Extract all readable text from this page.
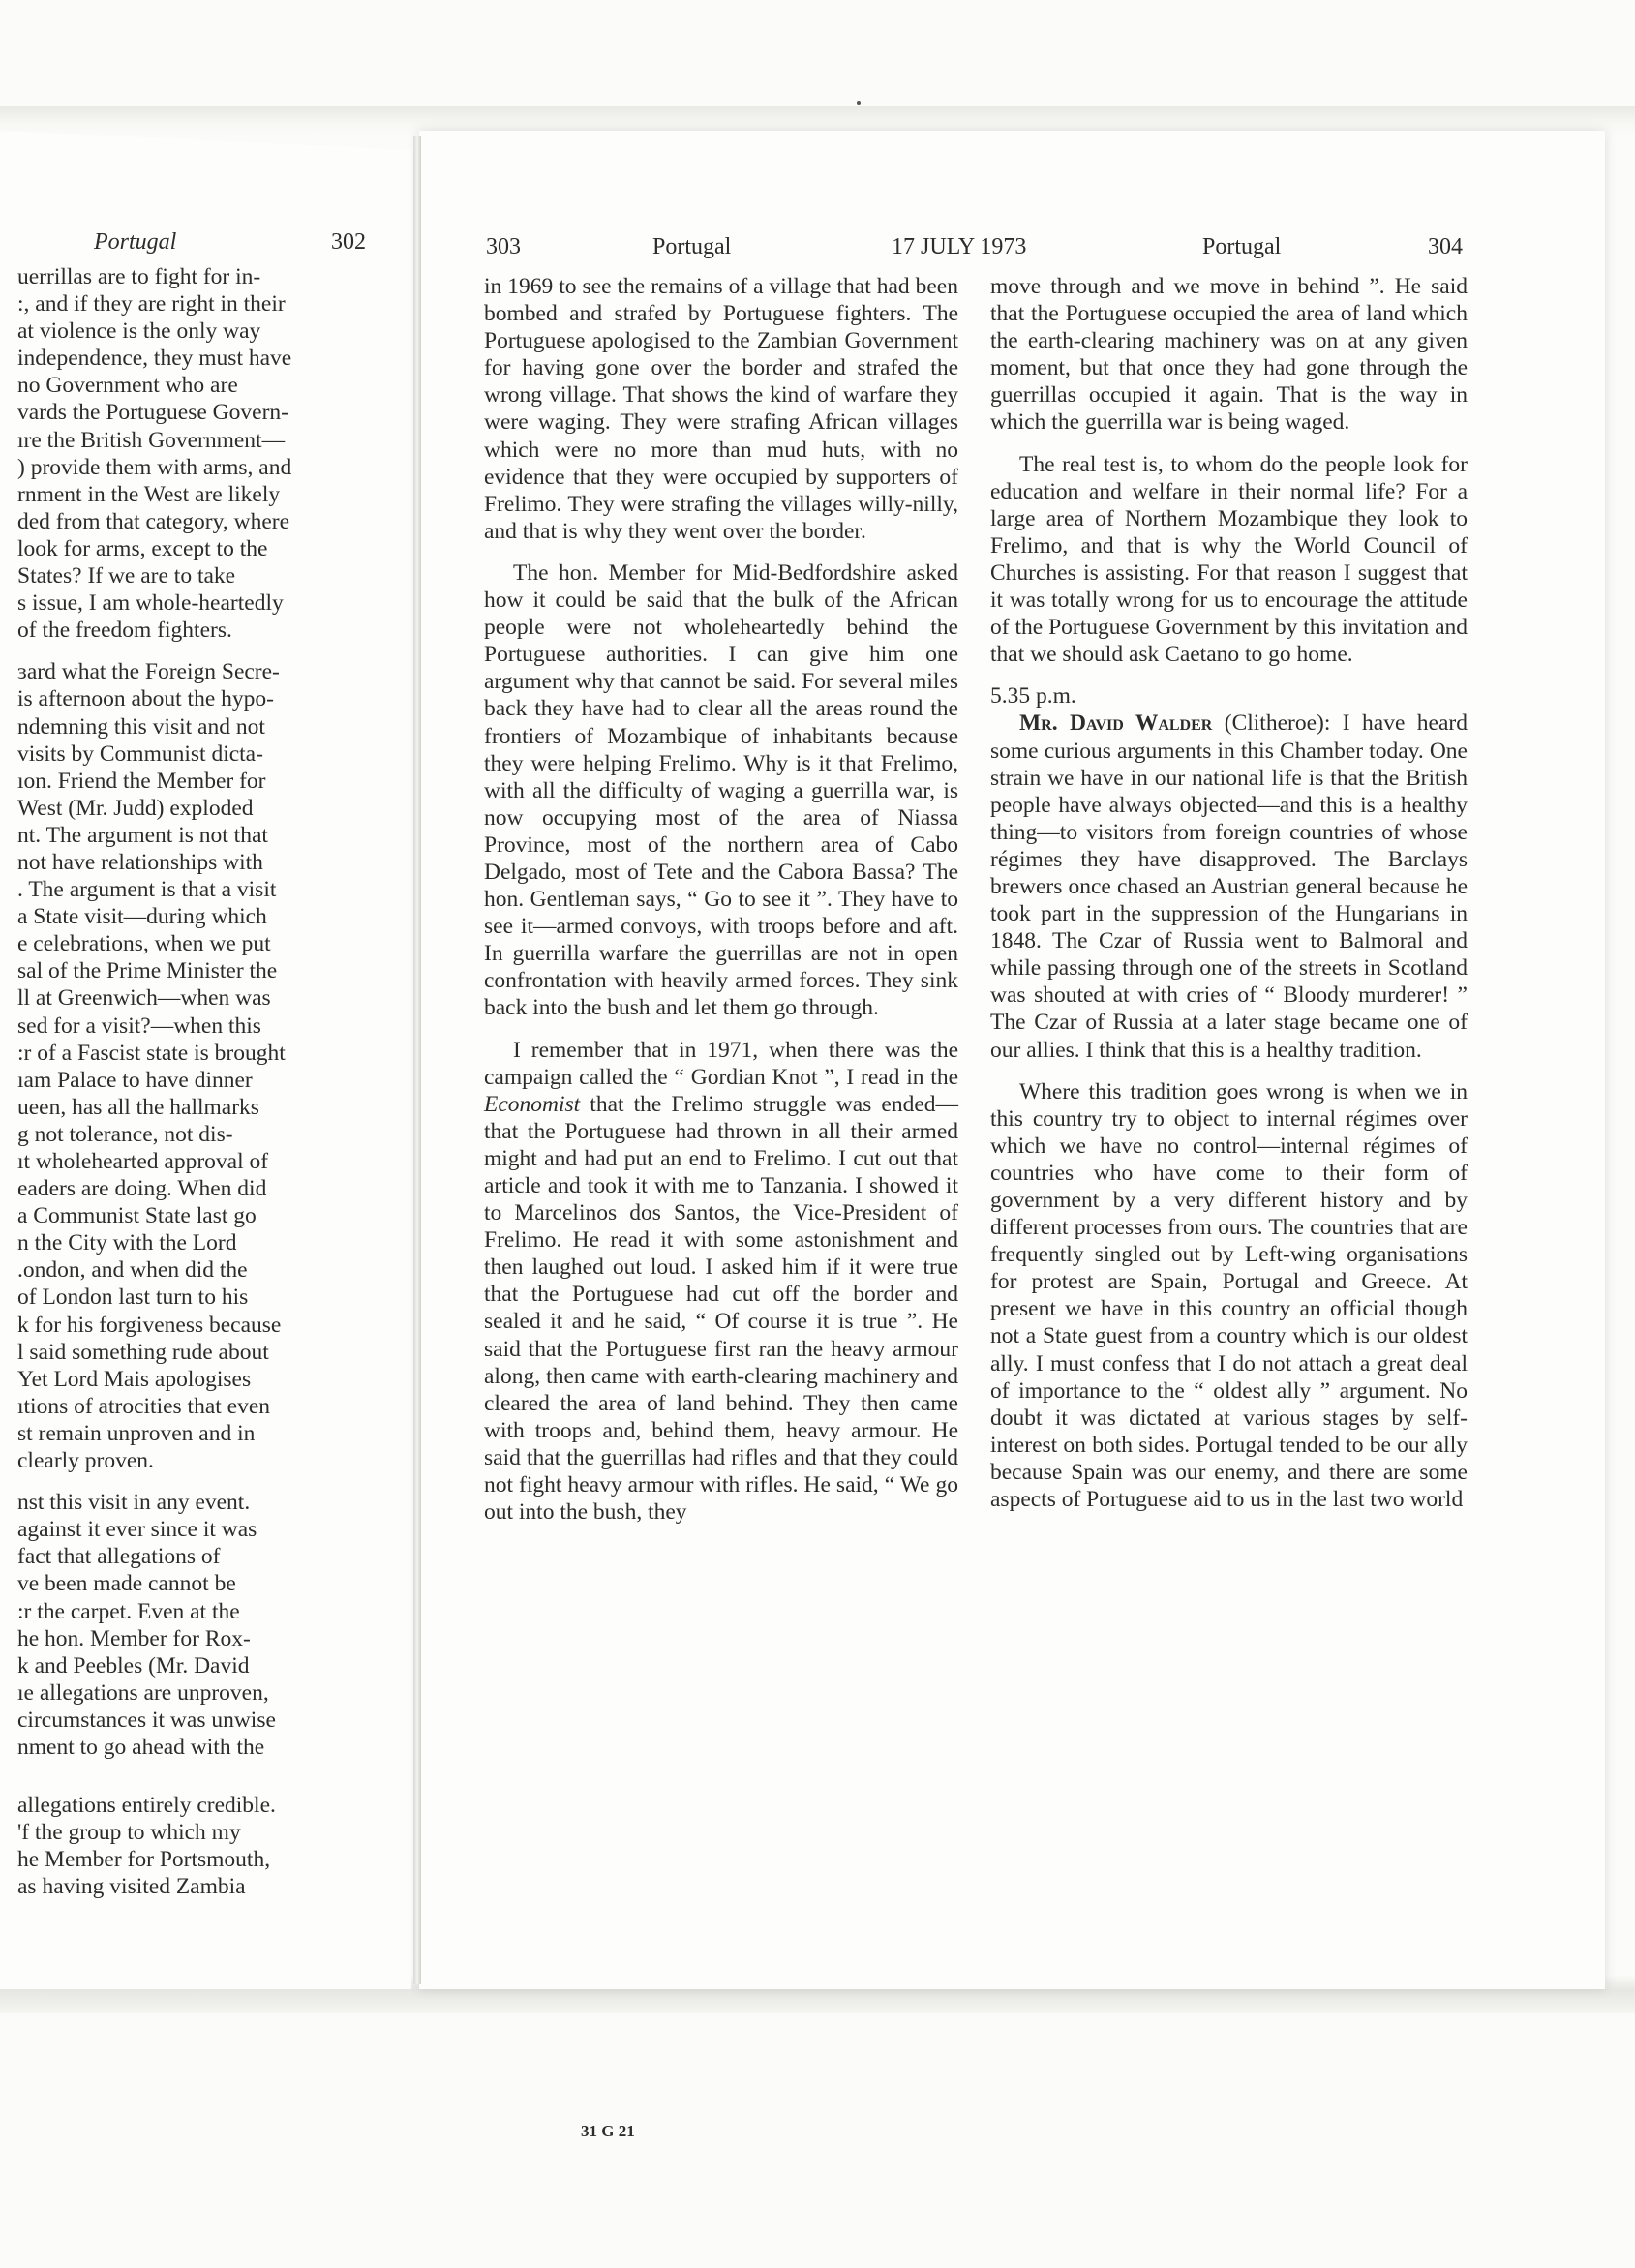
Portugal	302	303	Portugal	17 JULY 1973	Portugal	304

uerrillas are to fight for in-
:, and if they are right in their
at violence is the only way
independence, they must have
no Government who are
vards the Portuguese Govern-
ıre the British Government—
) provide them with arms, and
rnment in the West are likely
ded from that category, where
look for arms, except to the
States? If we are to take
s issue, I am whole-heartedly
of the freedom fighters.

ɜard what the Foreign Secre-
is afternoon about the hypo-
ndemning this visit and not
visits by Communist dicta-
ıon. Friend the Member for
West (Mr. Judd) exploded
nt. The argument is not that
not have relationships with
. The argument is that a visit
a State visit—during which
e celebrations, when we put
sal of the Prime Minister the
ll at Greenwich—when was
sed for a visit?—when this
:r of a Fascist state is brought
ıam Palace to have dinner
ueen, has all the hallmarks
g not tolerance, not dis-
ıt wholehearted approval of
eaders are doing. When did
a Communist State last go
n the City with the Lord
.ondon, and when did the
of London last turn to his
k for his forgiveness because
l said something rude about
Yet Lord Mais apologises
ıtions of atrocities that even
st remain unproven and in
clearly proven.

nst this visit in any event.
against it ever since it was
fact that allegations of
ve been made cannot be
:r the carpet. Even at the
he hon. Member for Rox-
k and Peebles (Mr. David
ıe allegations are unproven,
circumstances it was unwise
nment to go ahead with the

allegations entirely credible.
'f the group to which my
he Member for Portsmouth,
as having visited Zambia

in 1969 to see the remains of a village that had been bombed and strafed by Portuguese fighters. The Portuguese apologised to the Zambian Government for having gone over the border and strafed the wrong village. That shows the kind of warfare they were waging. They were strafing African villages which were no more than mud huts, with no evidence that they were occupied by supporters of Frelimo. They were strafing the villages willy-nilly, and that is why they went over the border.

The hon. Member for Mid-Bedfordshire asked how it could be said that the bulk of the African people were not wholeheartedly behind the Portuguese authorities. I can give him one argument why that cannot be said. For several miles back they have had to clear all the areas round the frontiers of Mozambique of inhabitants because they were helping Frelimo. Why is it that Frelimo, with all the difficulty of waging a guerrilla war, is now occupying most of the area of Niassa Province, most of the northern area of Cabo Delgado, most of Tete and the Cabora Bassa? The hon. Gentleman says, “ Go to see it ”. They have to see it—armed convoys, with troops before and aft. In guerrilla warfare the guerrillas are not in open confrontation with heavily armed forces. They sink back into the bush and let them go through.

I remember that in 1971, when there was the campaign called the “ Gordian Knot ”, I read in the Economist that the Frelimo struggle was ended—that the Portuguese had thrown in all their armed might and had put an end to Frelimo. I cut out that article and took it with me to Tanzania. I showed it to Marcelinos dos Santos, the Vice-President of Frelimo. He read it with some astonishment and then laughed out loud. I asked him if it were true that the Portuguese had cut off the border and sealed it and he said, “ Of course it is true ”. He said that the Portuguese first ran the heavy armour along, then came with earth-clearing machinery and cleared the area of land behind. They then came with troops and, behind them, heavy armour. He said that the guerrillas had rifles and that they could not fight heavy armour with rifles. He said, “ We go out into the bush, they

31 G 21

move through and we move in behind ”. He said that the Portuguese occupied the area of land which the earth-clearing machinery was on at any given moment, but that once they had gone through the guerrillas occupied it again. That is the way in which the guerrilla war is being waged.

The real test is, to whom do the people look for education and welfare in their normal life? For a large area of Northern Mozambique they look to Frelimo, and that is why the World Council of Churches is assisting. For that reason I suggest that it was totally wrong for us to encourage the attitude of the Portuguese Government by this invitation and that we should ask Caetano to go home.

5.35 p.m.

Mr. David Walder (Clitheroe): I have heard some curious arguments in this Chamber today. One strain we have in our national life is that the British people have always objected—and this is a healthy thing—to visitors from foreign countries of whose régimes they have disapproved. The Barclays brewers once chased an Austrian general because he took part in the suppression of the Hungarians in 1848. The Czar of Russia went to Balmoral and while passing through one of the streets in Scotland was shouted at with cries of “ Bloody murderer! ” The Czar of Russia at a later stage became one of our allies. I think that this is a healthy tradition.

Where this tradition goes wrong is when we in this country try to object to internal régimes over which we have no control—internal régimes of countries who have come to their form of government by a very different history and by different processes from ours. The countries that are frequently singled out by Left-wing organisations for protest are Spain, Portugal and Greece. At present we have in this country an official though not a State guest from a country which is our oldest ally. I must confess that I do not attach a great deal of importance to the “ oldest ally ” argument. No doubt it was dictated at various stages by self-interest on both sides. Portugal tended to be our ally because Spain was our enemy, and there are some aspects of Portuguese aid to us in the last two world
